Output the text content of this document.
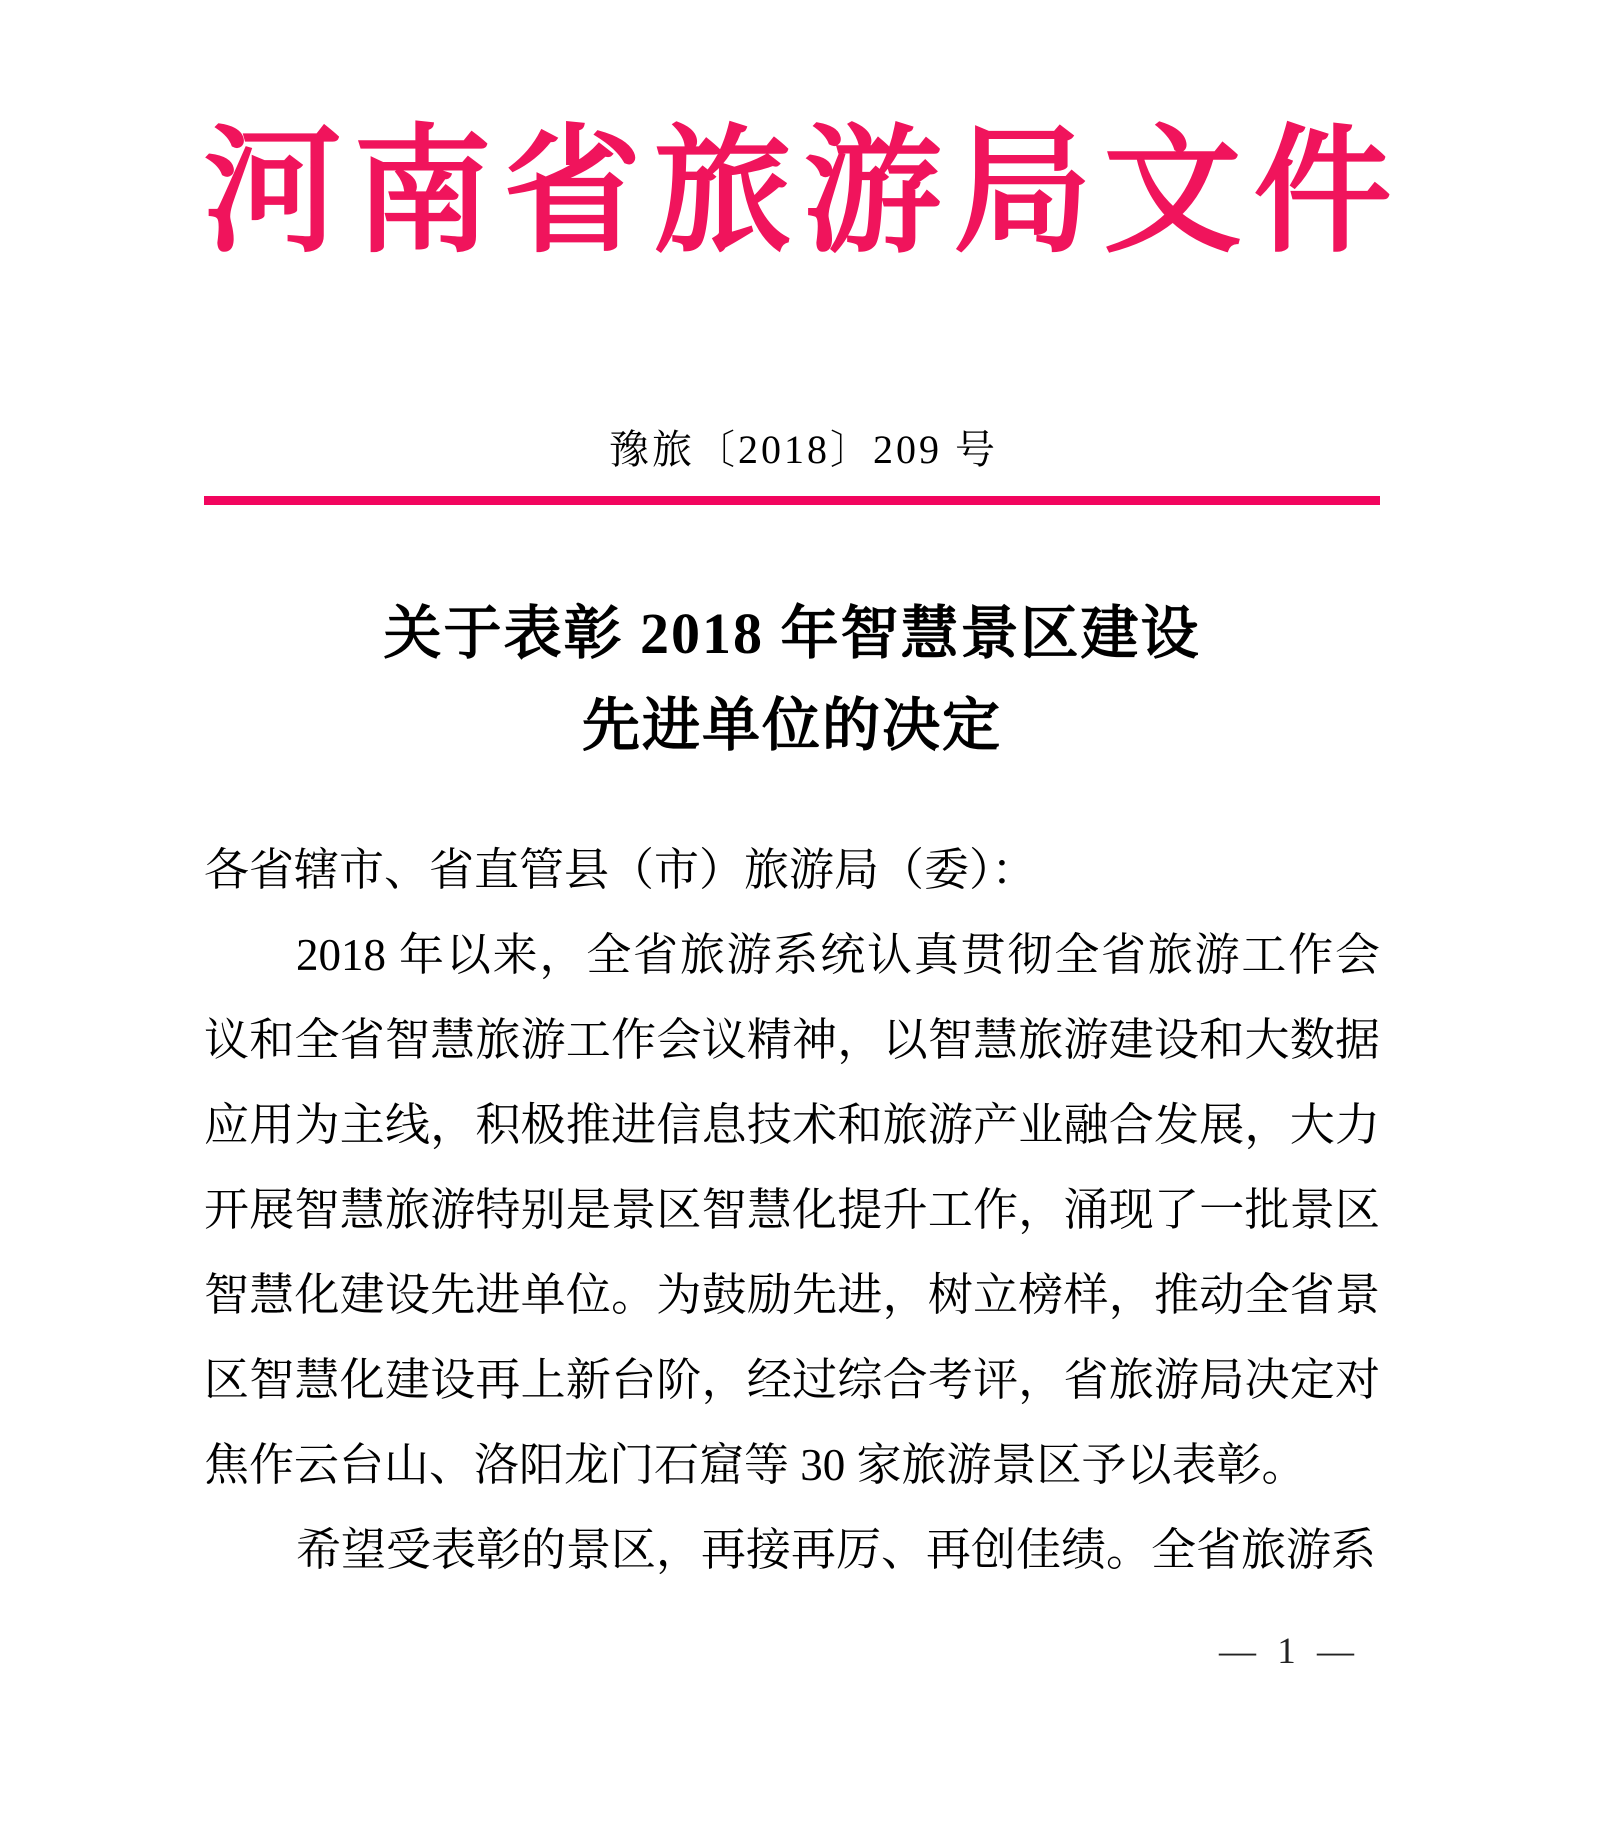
河南省旅游局文件
豫旅〔2018〕209 号
关于表彰 2018 年智慧景区建设
先进单位的决定

各省辖市、省直管县（市）旅游局（委）：

2018 年以来，全省旅游系统认真贯彻全省旅游工作会议和全省智慧旅游工作会议精神，以智慧旅游建设和大数据应用为主线，积极推进信息技术和旅游产业融合发展，大力开展智慧旅游特别是景区智慧化提升工作，涌现了一批景区智慧化建设先进单位。为鼓励先进，树立榜样，推动全省景区智慧化建设再上新台阶，经过综合考评，省旅游局决定对焦作云台山、洛阳龙门石窟等 30 家旅游景区予以表彰。

希望受表彰的景区，再接再厉、再创佳绩。全省旅游系

— 1 —
